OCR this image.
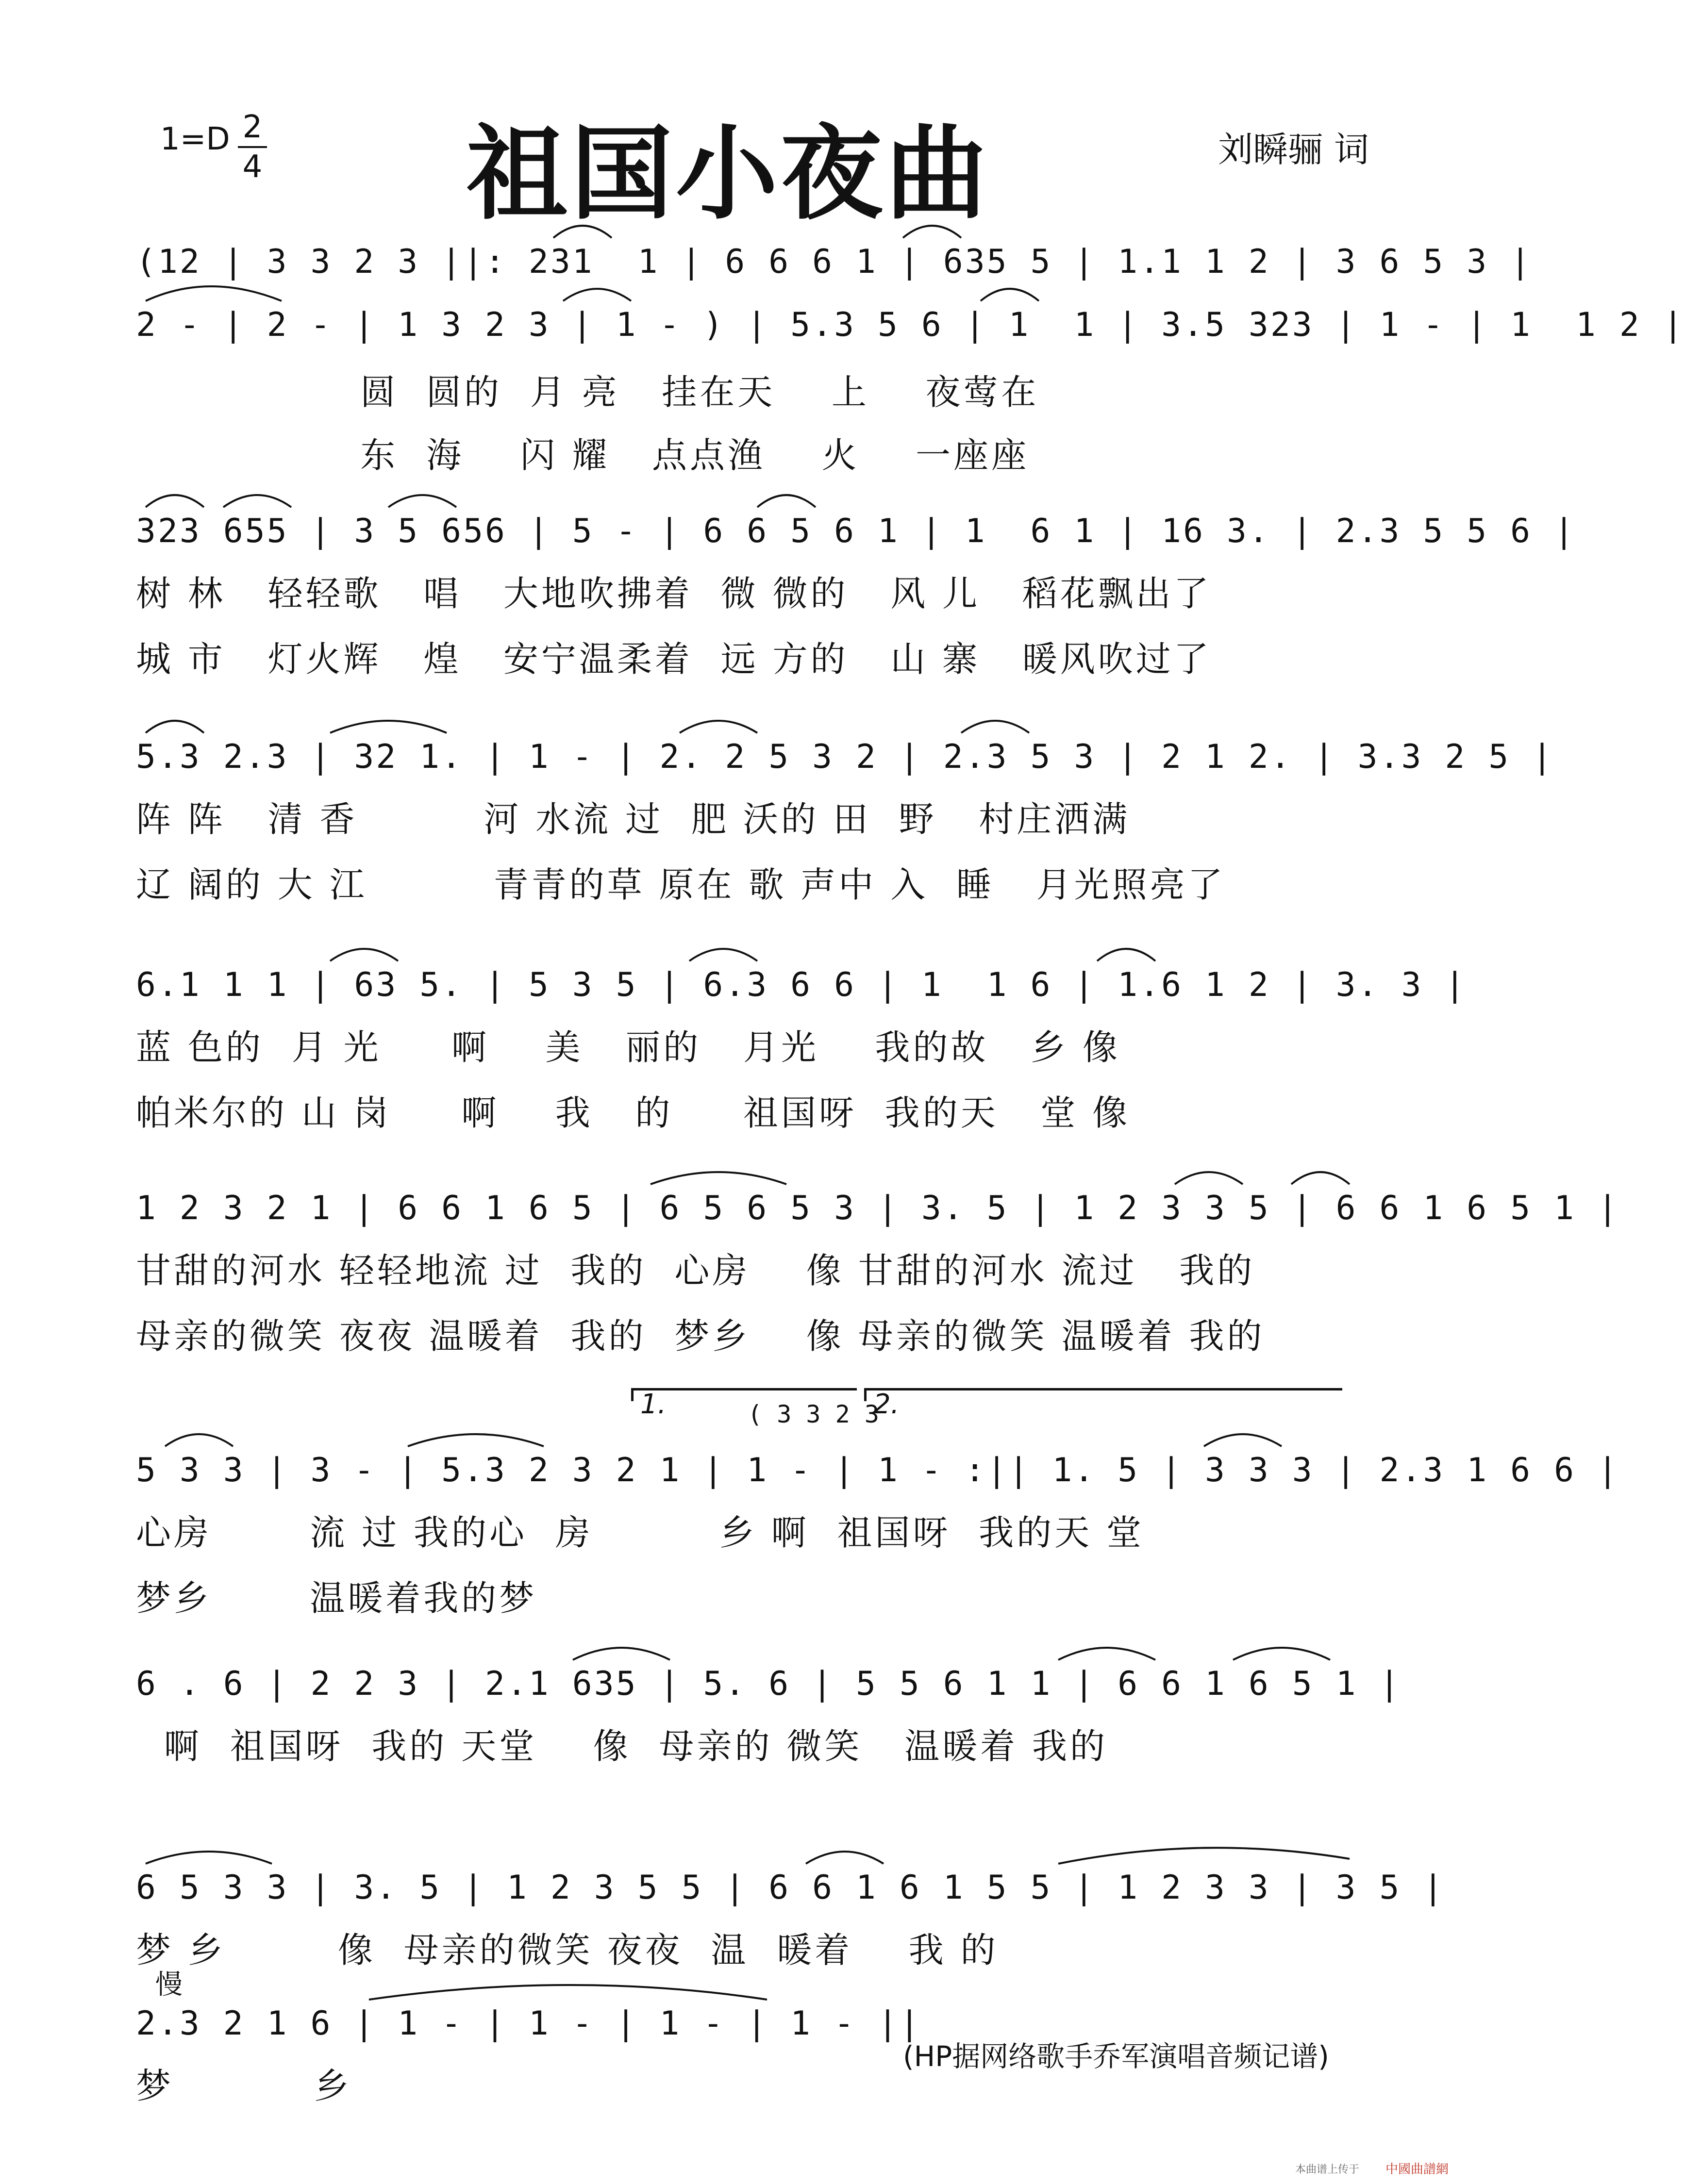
1=D 2
4	祖国小夜曲	刘瞬骊 词
(12 | 3 3 2 3 ||: 231  1 | 6 6 6 1 | 635 5 | 1.1 1 2 | 3 6 5 3 |
2 - | 2 - | 1 3 2 3 | 1 - ) | 5.3 5 6 | 1  1 | 3.5 323 | 1 - | 1  1 2 |
圆  圆的  月 亮   挂在天    上    夜莺在
东  海    闪 耀   点点渔    火    一座座
323 655 | 3 5 656 | 5 - | 6 6 5 6 1 | 1  6 1 | 16 3. | 2.3 5 5 6 |
树 林   轻轻歌   唱   大地吹拂着  微 微的   风 儿   稻花飘出了
城 市   灯火辉   煌   安宁温柔着  远 方的   山 寨   暖风吹过了
5.3 2.3 | 32 1. | 1 - | 2. 2 5 3 2 | 2.3 5 3 | 2 1 2. | 3.3 2 5 |
阵 阵   清 香         河 水流 过  肥 沃的 田  野   村庄洒满
辽 阔的 大 江         青青的草 原在 歌 声中 入  睡   月光照亮了
6.1 1 1 | 63 5. | 5 3 5 | 6.3 6 6 | 1  1 6 | 1.6 1 2 | 3. 3 |
蓝 色的  月 光     啊    美   丽的   月光    我的故   乡 像
帕米尔的 山 岗     啊    我   的     祖国呀  我的天   堂 像
1 2 3 2 1 | 6 6 1 6 5 | 6 5 6 5 3 | 3. 5 | 1 2 3 3 5 | 6 6 1 6 5 1 |
甘甜的河水 轻轻地流 过  我的  心房    像 甘甜的河水 流过   我的
母亲的微笑 夜夜 温暖着  我的  梦乡    像 母亲的微笑 温暖着 我的
1.	2.
( 3 3 2 3
5 3 3 | 3 - | 5.3 2 3 2 1 | 1 - | 1 - :|| 1. 5 | 3 3 3 | 2.3 1 6 6 |
心房       流 过 我的心  房         乡 啊  祖国呀  我的天 堂
梦乡       温暖着我的梦
6 . 6 | 2 2 3 | 2.1 635 | 5. 6 | 5 5 6 1 1 | 6 6 1 6 5 1 |
啊  祖国呀  我的 天堂    像  母亲的 微笑   温暖着 我的
6 5 3 3 | 3. 5 | 1 2 3 5 5 | 6 6 1 6 1 5 5 | 1 2 3 3 | 3 5 |
梦 乡        像  母亲的微笑 夜夜  温  暖着    我 的
慢
2.3 2 1 6 | 1 - | 1 - | 1 - | 1 - ||
梦          乡
(HP据网络歌手乔军演唱音频记谱)
本曲谱上传于 中國曲譜網
